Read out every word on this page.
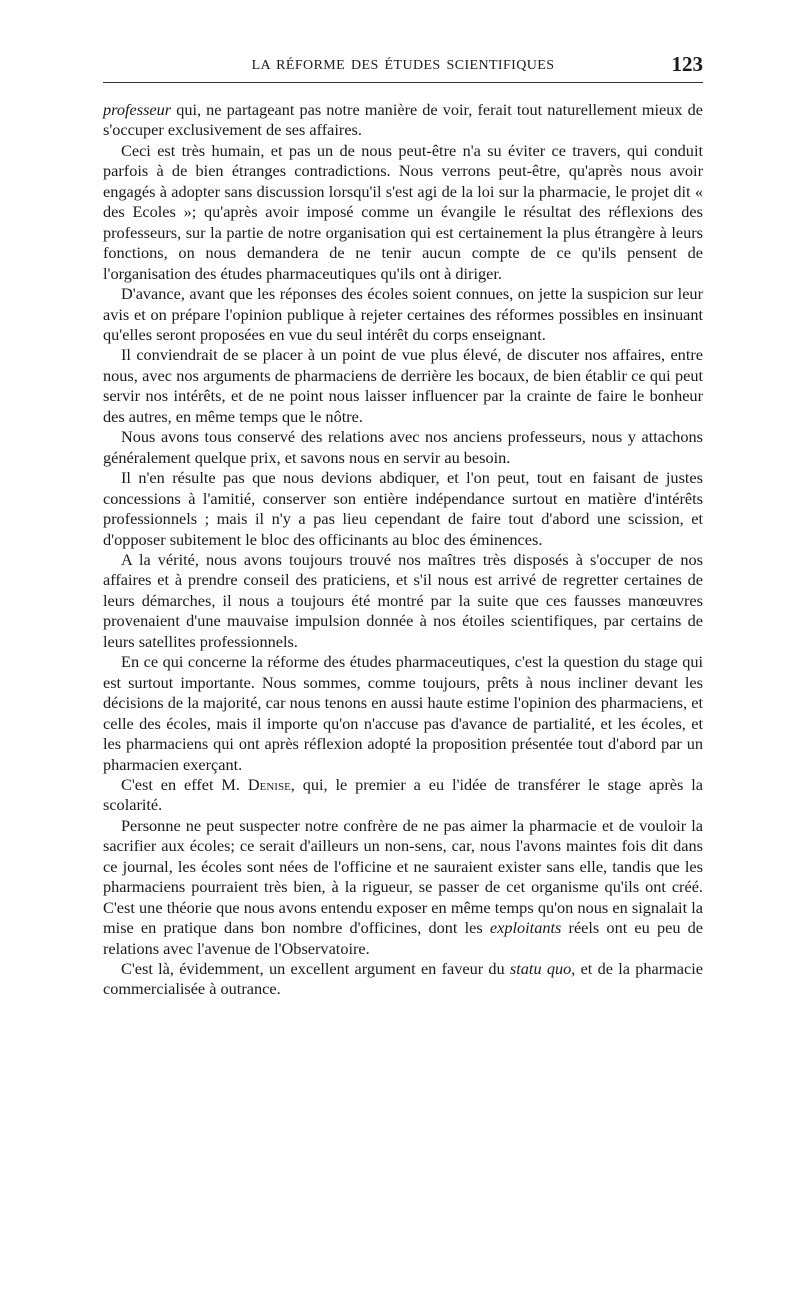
LA RÉFORME DES ÉTUDES SCIENTIFIQUES	123

professeur qui, ne partageant pas notre manière de voir, ferait tout naturellement mieux de s'occuper exclusivement de ses affaires.

Ceci est très humain, et pas un de nous peut-être n'a su éviter ce travers, qui conduit parfois à de bien étranges contradictions. Nous verrons peut-être, qu'après nous avoir engagés à adopter sans discussion lorsqu'il s'est agi de la loi sur la pharmacie, le projet dit « des Ecoles »; qu'après avoir imposé comme un évangile le résultat des réflexions des professeurs, sur la partie de notre organisation qui est certainement la plus étrangère à leurs fonctions, on nous demandera de ne tenir aucun compte de ce qu'ils pensent de l'organisation des études pharmaceutiques qu'ils ont à diriger.

D'avance, avant que les réponses des écoles soient connues, on jette la suspicion sur leur avis et on prépare l'opinion publique à rejeter certaines des réformes possibles en insinuant qu'elles seront proposées en vue du seul intérêt du corps enseignant.

Il conviendrait de se placer à un point de vue plus élevé, de discuter nos affaires, entre nous, avec nos arguments de pharmaciens de derrière les bocaux, de bien établir ce qui peut servir nos intérêts, et de ne point nous laisser influencer par la crainte de faire le bonheur des autres, en même temps que le nôtre.

Nous avons tous conservé des relations avec nos anciens professeurs, nous y attachons généralement quelque prix, et savons nous en servir au besoin.

Il n'en résulte pas que nous devions abdiquer, et l'on peut, tout en faisant de justes concessions à l'amitié, conserver son entière indépendance surtout en matière d'intérêts professionnels ; mais il n'y a pas lieu cependant de faire tout d'abord une scission, et d'opposer subitement le bloc des officinants au bloc des éminences.

A la vérité, nous avons toujours trouvé nos maîtres très disposés à s'occuper de nos affaires et à prendre conseil des praticiens, et s'il nous est arrivé de regretter certaines de leurs démarches, il nous a toujours été montré par la suite que ces fausses manœuvres provenaient d'une mauvaise impulsion donnée à nos étoiles scientifiques, par certains de leurs satellites professionnels.

En ce qui concerne la réforme des études pharmaceutiques, c'est la question du stage qui est surtout importante. Nous sommes, comme toujours, prêts à nous incliner devant les décisions de la majorité, car nous tenons en aussi haute estime l'opinion des pharmaciens, et celle des écoles, mais il importe qu'on n'accuse pas d'avance de partialité, et les écoles, et les pharmaciens qui ont après réflexion adopté la proposition présentée tout d'abord par un pharmacien exerçant.

C'est en effet M. Denise, qui, le premier a eu l'idée de transférer le stage après la scolarité.

Personne ne peut suspecter notre confrère de ne pas aimer la pharmacie et de vouloir la sacrifier aux écoles; ce serait d'ailleurs un non-sens, car, nous l'avons maintes fois dit dans ce journal, les écoles sont nées de l'officine et ne sauraient exister sans elle, tandis que les pharmaciens pourraient très bien, à la rigueur, se passer de cet organisme qu'ils ont créé. C'est une théorie que nous avons entendu exposer en même temps qu'on nous en signalait la mise en pratique dans bon nombre d'officines, dont les exploitants réels ont eu peu de relations avec l'avenue de l'Observatoire.

C'est là, évidemment, un excellent argument en faveur du statu quo, et de la pharmacie commercialisée à outrance.
